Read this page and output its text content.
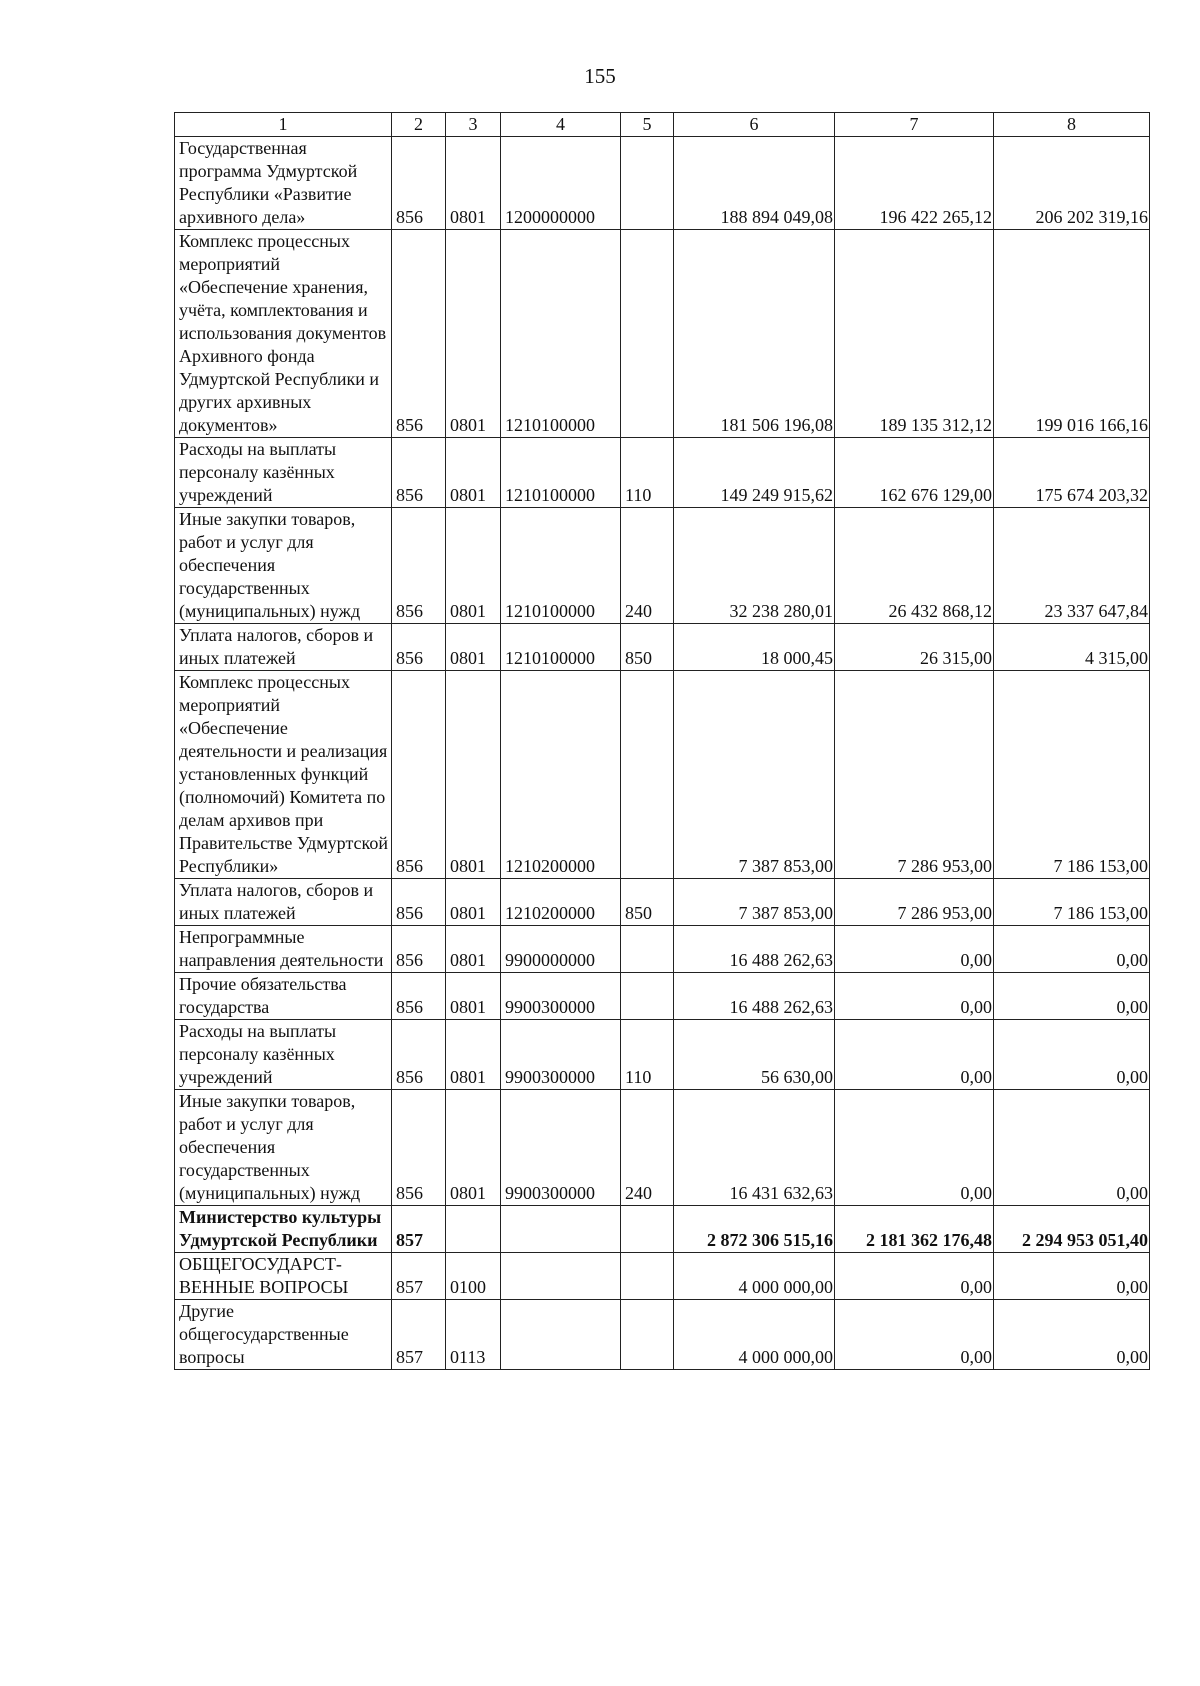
155
1	2	3	4	5	6	7	8
Государственная программа Удмуртской Республики «Развитие архивного дела»	856	0801	1200000000		188 894 049,08	196 422 265,12	206 202 319,16
Комплекс процессных мероприятий «Обеспечение хранения, учёта, комплектования и использования документов Архивного фонда Удмуртской Республики и других архивных документов»	856	0801	1210100000		181 506 196,08	189 135 312,12	199 016 166,16
Расходы на выплаты персоналу казённых учреждений	856	0801	1210100000	110	149 249 915,62	162 676 129,00	175 674 203,32
Иные закупки товаров, работ и услуг для обеспечения государственных (муниципальных) нужд	856	0801	1210100000	240	32 238 280,01	26 432 868,12	23 337 647,84
Уплата налогов, сборов и иных платежей	856	0801	1210100000	850	18 000,45	26 315,00	4 315,00
Комплекс процессных мероприятий «Обеспечение деятельности и реализация установленных функций (полномочий) Комитета по делам архивов при Правительстве Удмуртской Республики»	856	0801	1210200000		7 387 853,00	7 286 953,00	7 186 153,00
Уплата налогов, сборов и иных платежей	856	0801	1210200000	850	7 387 853,00	7 286 953,00	7 186 153,00
Непрограммные направления деятельности	856	0801	9900000000		16 488 262,63	0,00	0,00
Прочие обязательства государства	856	0801	9900300000		16 488 262,63	0,00	0,00
Расходы на выплаты персоналу казённых учреждений	856	0801	9900300000	110	56 630,00	0,00	0,00
Иные закупки товаров, работ и услуг для обеспечения государственных (муниципальных) нужд	856	0801	9900300000	240	16 431 632,63	0,00	0,00
Министерство культуры Удмуртской Республики	857				2 872 306 515,16	2 181 362 176,48	2 294 953 051,40
ОБЩЕГОСУДАРСТ-ВЕННЫЕ ВОПРОСЫ	857	0100			4 000 000,00	0,00	0,00
Другие общегосударственные вопросы	857	0113			4 000 000,00	0,00	0,00
